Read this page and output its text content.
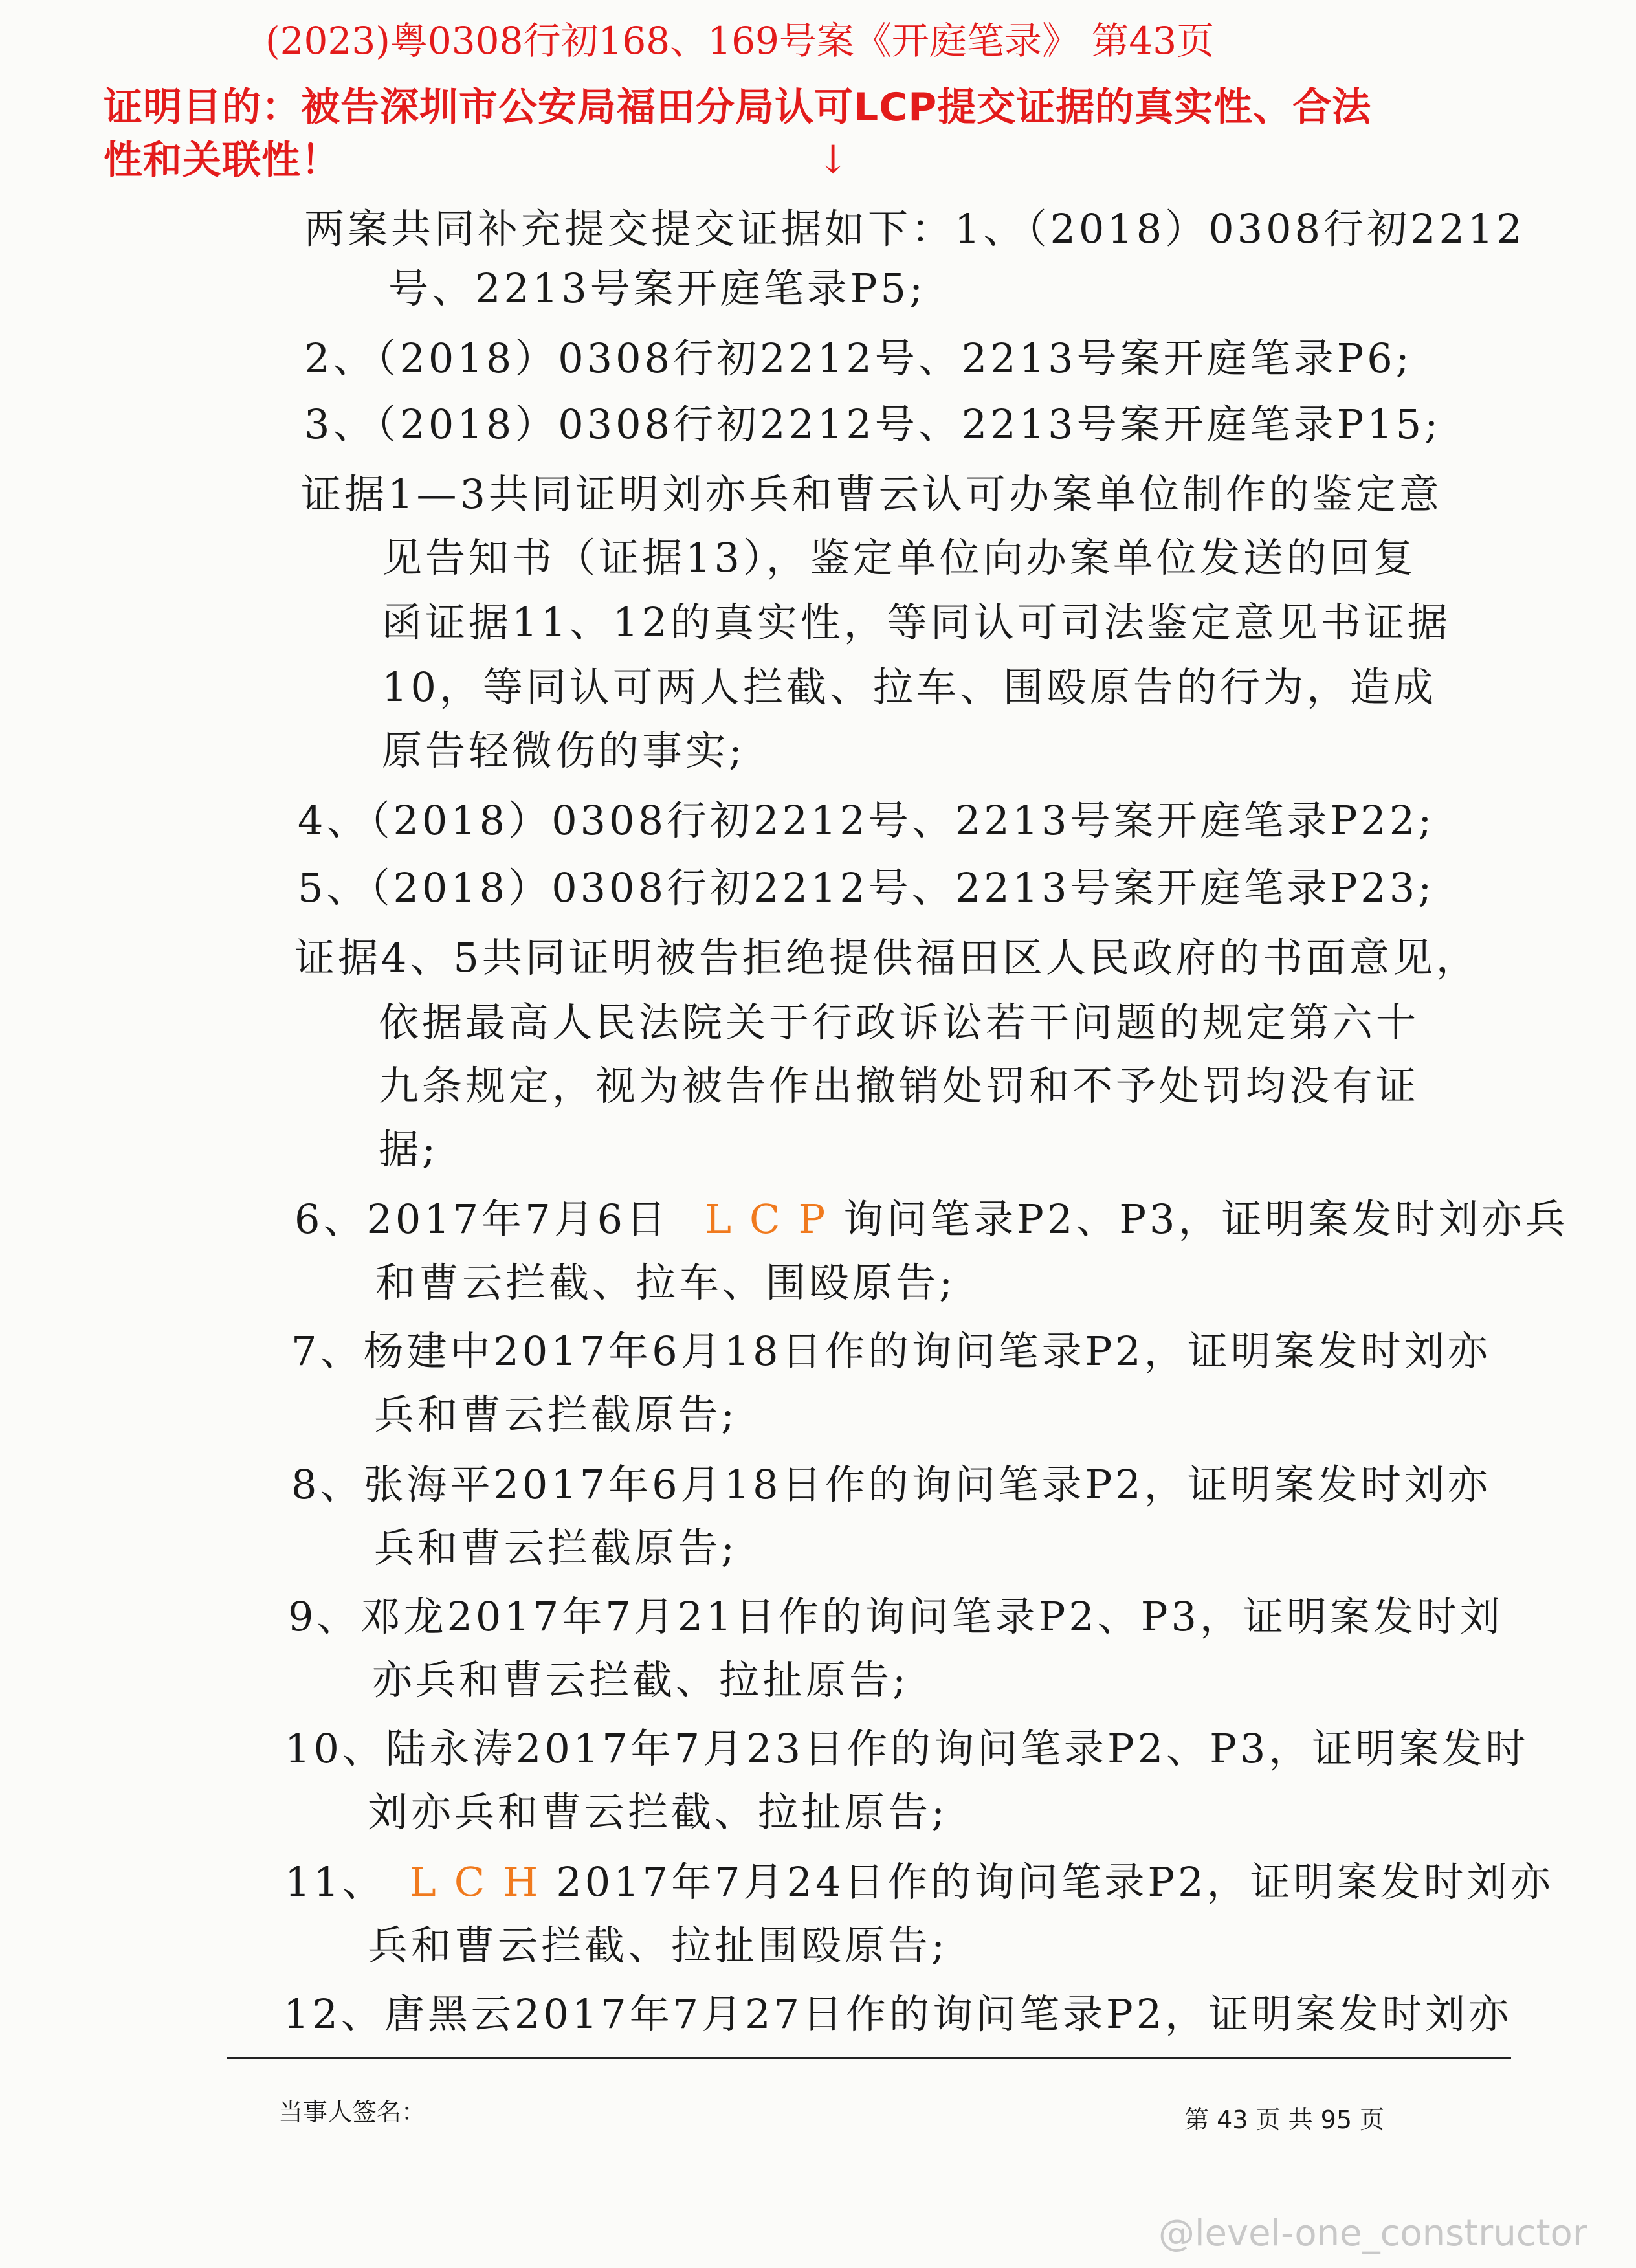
(2023)粤0308行初168、169号案《开庭笔录》 第43页
证明目的：被告深圳市公安局福田分局认可LCP提交证据的真实性、合法
性和关联性！	↓
两案共同补充提交提交证据如下：1、（2018）0308行初2212
号、2213号案开庭笔录P5;
2、（2018）0308行初2212号、2213号案开庭笔录P6;
3、（2018）0308行初2212号、2213号案开庭笔录P15;
证据1—3共同证明刘亦兵和曹云认可办案单位制作的鉴定意
见告知书（证据13），鉴定单位向办案单位发送的回复
函证据11、12的真实性，等同认可司法鉴定意见书证据
10，等同认可两人拦截、拉车、围殴原告的行为，造成
原告轻微伤的事实;
4、（2018）0308行初2212号、2213号案开庭笔录P22;
5、（2018）0308行初2212号、2213号案开庭笔录P23;
证据4、5共同证明被告拒绝提供福田区人民政府的书面意见，
依据最高人民法院关于行政诉讼若干问题的规定第六十
九条规定，视为被告作出撤销处罚和不予处罚均没有证
据;
6、2017年7月6日 LCP询问笔录P2、P3，证明案发时刘亦兵
和曹云拦截、拉车、围殴原告;
7、杨建中2017年6月18日作的询问笔录P2，证明案发时刘亦
兵和曹云拦截原告;
8、张海平2017年6月18日作的询问笔录P2，证明案发时刘亦
兵和曹云拦截原告;
9、邓龙2017年7月21日作的询问笔录P2、P3，证明案发时刘
亦兵和曹云拦截、拉扯原告;
10、陆永涛2017年7月23日作的询问笔录P2、P3，证明案发时
刘亦兵和曹云拦截、拉扯原告;
11、 LCH2017年7月24日作的询问笔录P2，证明案发时刘亦
兵和曹云拦截、拉扯围殴原告;
12、唐黑云2017年7月27日作的询问笔录P2，证明案发时刘亦
当事人签名：	第 43 页 共 95 页
@level-one_constructor
